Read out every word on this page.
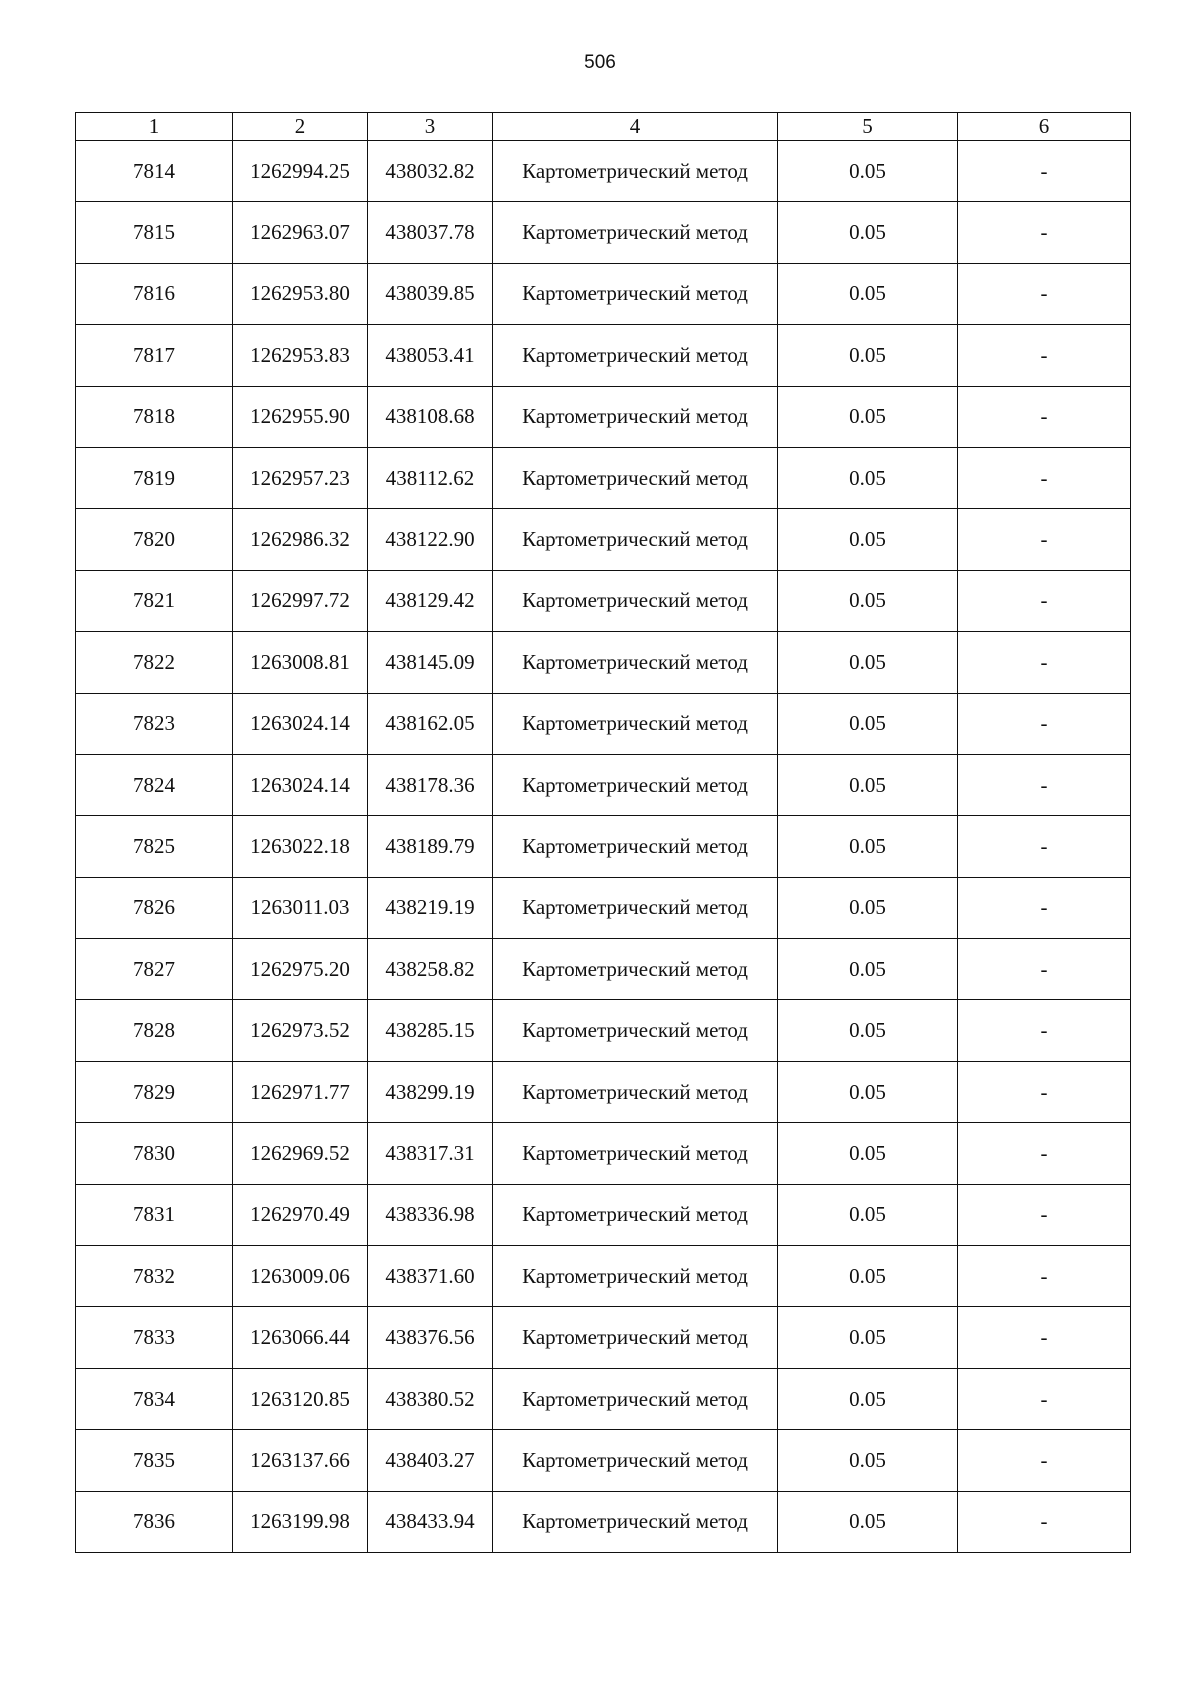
506
1	2	3	4	5	6
7814	1262994.25	438032.82	Картометрический метод	0.05	-
7815	1262963.07	438037.78	Картометрический метод	0.05	-
7816	1262953.80	438039.85	Картометрический метод	0.05	-
7817	1262953.83	438053.41	Картометрический метод	0.05	-
7818	1262955.90	438108.68	Картометрический метод	0.05	-
7819	1262957.23	438112.62	Картометрический метод	0.05	-
7820	1262986.32	438122.90	Картометрический метод	0.05	-
7821	1262997.72	438129.42	Картометрический метод	0.05	-
7822	1263008.81	438145.09	Картометрический метод	0.05	-
7823	1263024.14	438162.05	Картометрический метод	0.05	-
7824	1263024.14	438178.36	Картометрический метод	0.05	-
7825	1263022.18	438189.79	Картометрический метод	0.05	-
7826	1263011.03	438219.19	Картометрический метод	0.05	-
7827	1262975.20	438258.82	Картометрический метод	0.05	-
7828	1262973.52	438285.15	Картометрический метод	0.05	-
7829	1262971.77	438299.19	Картометрический метод	0.05	-
7830	1262969.52	438317.31	Картометрический метод	0.05	-
7831	1262970.49	438336.98	Картометрический метод	0.05	-
7832	1263009.06	438371.60	Картометрический метод	0.05	-
7833	1263066.44	438376.56	Картометрический метод	0.05	-
7834	1263120.85	438380.52	Картометрический метод	0.05	-
7835	1263137.66	438403.27	Картометрический метод	0.05	-
7836	1263199.98	438433.94	Картометрический метод	0.05	-
